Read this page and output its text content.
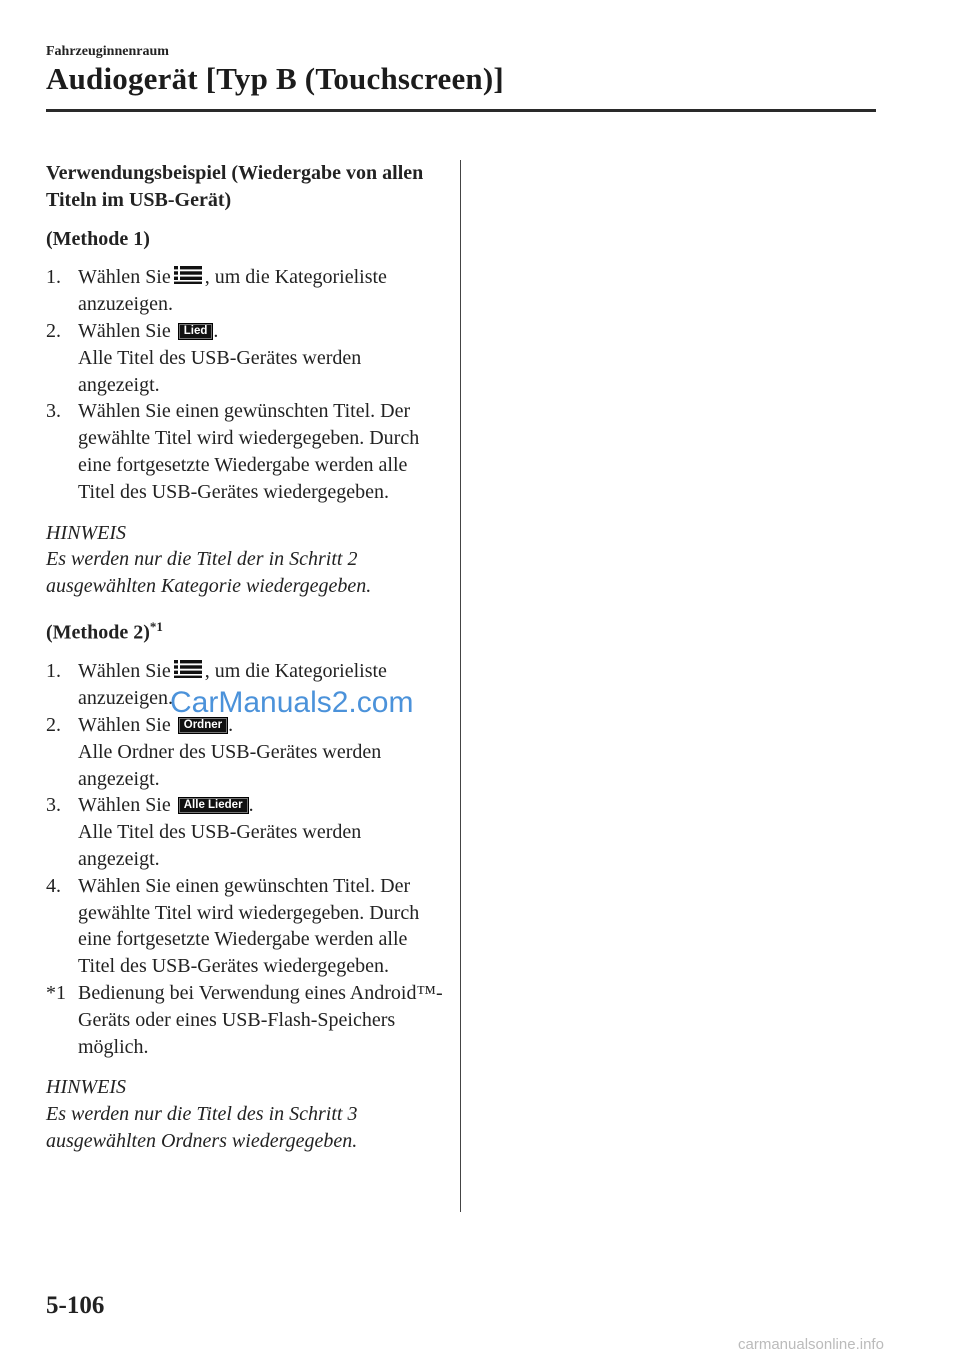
Fahrzeuginnenraum
Audiogerät [Typ B (Touchscreen)]

Verwendungsbeispiel (Wiedergabe von allen Titeln im USB-Gerät)

(Methode 1)

1. Wählen Sie , um die Kategorieliste anzuzeigen.
2. Wählen Sie Lied .
Alle Titel des USB-Gerätes werden angezeigt.
3. Wählen Sie einen gewünschten Titel. Der gewählte Titel wird wiedergegeben. Durch eine fortgesetzte Wiedergabe werden alle Titel des USB-Gerätes wiedergegeben.

HINWEIS

Es werden nur die Titel der in Schritt 2 ausgewählten Kategorie wiedergegeben.

(Methode 2)$^{*1}$

1. Wählen Sie , um die Kategorieliste anzuzeigen.
2. Wählen Sie Ordner .
Alle Ordner des USB-Gerätes werden angezeigt.
3. Wählen Sie Alle Lieder .
Alle Titel des USB-Gerätes werden angezeigt.
4. Wählen Sie einen gewünschten Titel. Der gewählte Titel wird wiedergegeben. Durch eine fortgesetzte Wiedergabe werden alle Titel des USB-Gerätes wiedergegeben.
*1 Bedienung bei Verwendung eines Android™-Geräts oder eines USB-Flash-Speichers möglich.

HINWEIS

Es werden nur die Titel des in Schritt 3 ausgewählten Ordners wiedergegeben.

CarManuals2.com
5-106
carmanualsonline.info
